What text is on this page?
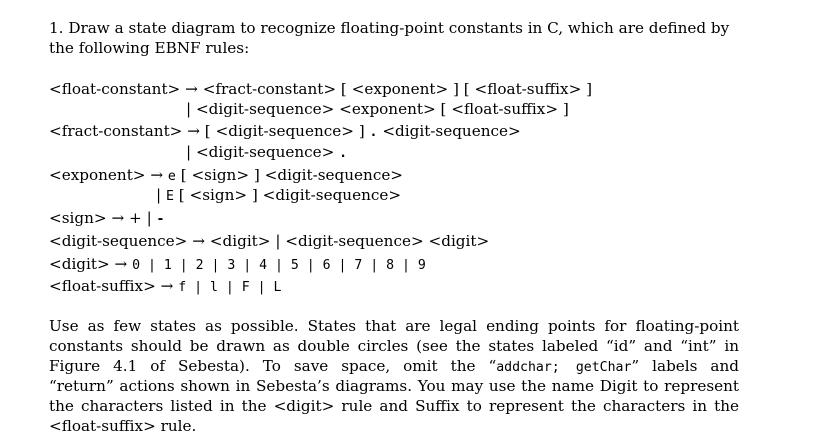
1. Draw a state diagram to recognize floating-point constants in C, which are defined by
the following EBNF rules:
<float-constant> → <fract-constant> [ <exponent> ] [ <float-suffix> ]
| <digit-sequence> <exponent> [ <float-suffix> ]
<fract-constant> → [ <digit-sequence> ] . <digit-sequence>
| <digit-sequence> .
<exponent> → e [ <sign> ] <digit-sequence>
| E [ <sign> ] <digit-sequence>
<sign> → + | -
<digit-sequence> → <digit> | <digit-sequence> <digit>
<digit> → 0 | 1 | 2 | 3 | 4 | 5 | 6 | 7 | 8 | 9
<float-suffix> → f | l | F | L
Use as few states as possible. States that are legal ending points for floating-point
constants should be drawn as double circles (see the states labeled “id” and “int” in
Figure 4.1 of Sebesta). To save space, omit the “addchar; getChar” labels and
“return” actions shown in Sebesta’s diagrams. You may use the name Digit to represent
the characters listed in the <digit> rule and Suffix to represent the characters in the
<float-suffix> rule.
